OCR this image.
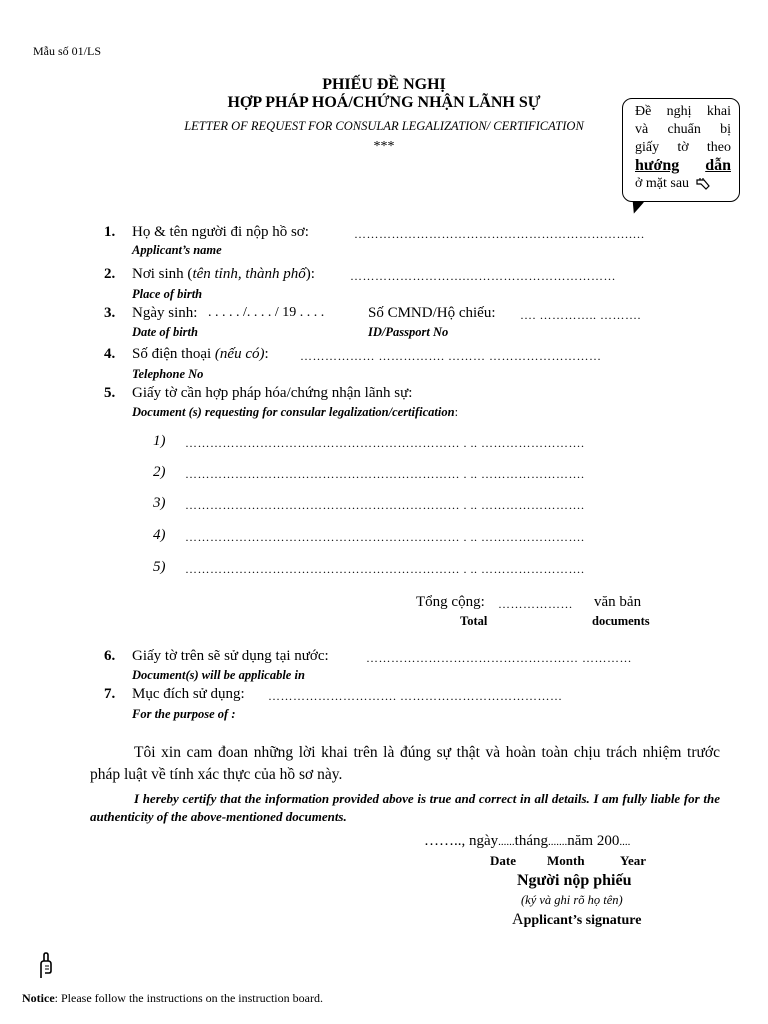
Mẫu số 01/LS
PHIẾU ĐỀ NGHỊ
HỢP PHÁP HOÁ/CHỨNG NHẬN LÃNH SỰ
LETTER OF REQUEST FOR CONSULAR LEGALIZATION/ CERTIFICATION
***
Đề nghị khai
và chuẩn bị
giấy tờ theo
hướng dẫn
ở mặt sau
1. Họ & tên người đi nộp hồ sơ:	………………………………………………………….…
Applicant’s name
2. Nơi sinh (tên tỉnh, thành phố):	……………………….………………………………
Place of birth
3. Ngày sinh: . . . . . /. . . . / 19 . . . .	Số CMND/Hộ chiếu: …. ………….. ……….
Date of birth	ID/Passport No
4. Số điện thoại (nếu có):	……………… ……………. ……… ………………………
Telephone No
5. Giấy tờ cần hợp pháp hóa/chứng nhận lãnh sự:
Document (s) requesting for consular legalization/certification:
1) ………………………………………………………… . .. …………………….
2) ………………………………………………………… . .. …………………….
3) ………………………………………………………… . .. …………………….
4) ………………………………………………………… . .. …………………….
5) ………………………………………………………… . .. …………………….
Tổng cộng: ……………… văn bản
Total	documents
6. Giấy tờ trên sẽ sử dụng tại nước:	…………………………………………… …………
Document(s) will be applicable in
7. Mục đích sử dụng: …………………………. …………………………………
For the purpose of :
Tôi xin cam đoan những lời khai trên là đúng sự thật và hoàn toàn chịu trách nhiệm trước pháp luật về tính xác thực của hồ sơ này.
I hereby certify that the information provided above is true and correct in all details. I am fully liable for the authenticity of the above-mentioned documents.
…….., ngày......tháng.......năm 200....
Date Month	Year
Người nộp phiếu
(ký và ghi rõ họ tên)
Applicant’s signature
Notice: Please follow the instructions on the instruction board.
